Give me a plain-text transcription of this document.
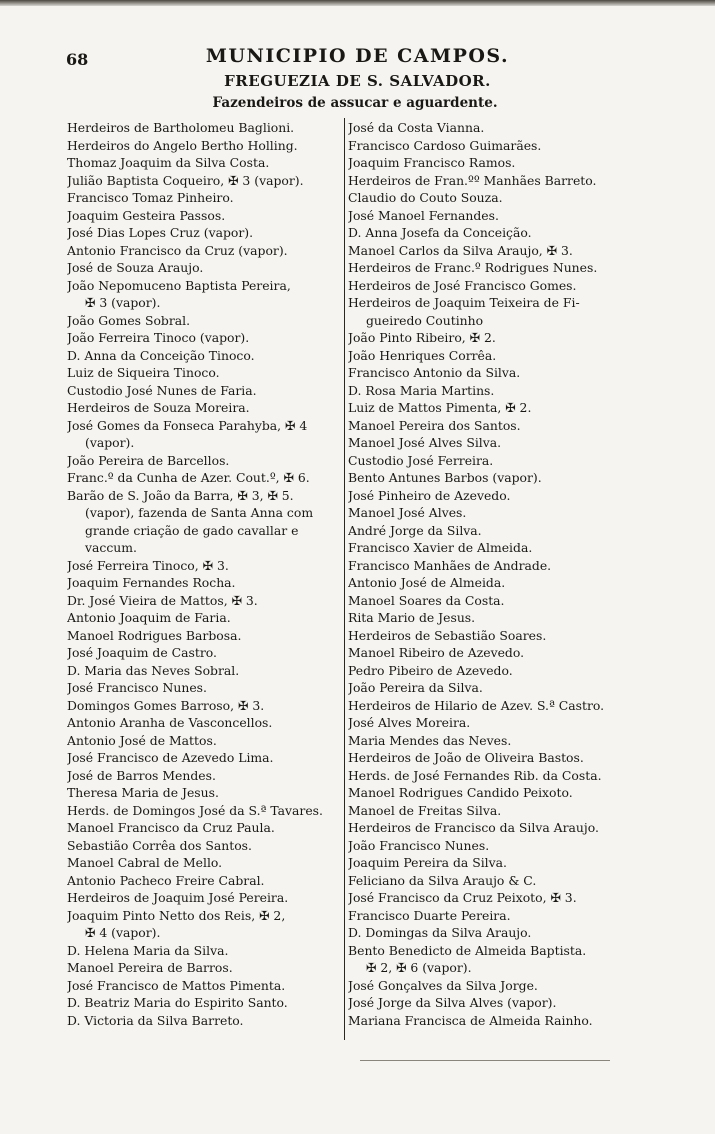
68	MUNICIPIO DE CAMPOS.
FREGUEZIA DE S. SALVADOR.
Fazendeiros de assucar e aguardente.
Herdeiros de Bartholomeu Baglioni.
Herdeiros do Angelo Bertho Holling.
Thomaz Joaquim da Silva Costa.
Julião Baptista Coqueiro, ✠ 3 (vapor).
Francisco Tomaz Pinheiro.
Joaquim Gesteira Passos.
José Dias Lopes Cruz (vapor).
Antonio Francisco da Cruz (vapor).
José de Souza Araujo.
João Nepomuceno Baptista Pereira,
✠ 3 (vapor).
João Gomes Sobral.
João Ferreira Tinoco (vapor).
D. Anna da Conceição Tinoco.
Luiz de Siqueira Tinoco.
Custodio José Nunes de Faria.
Herdeiros de Souza Moreira.
José Gomes da Fonseca Parahyba, ✠ 4
(vapor).
João Pereira de Barcellos.
Franc.º da Cunha de Azer. Cout.º, ✠ 6.
Barão de S. João da Barra, ✠ 3, ✠ 5.
(vapor), fazenda de Santa Anna com
grande criação de gado cavallar e
vaccum.
José Ferreira Tinoco, ✠ 3.
Joaquim Fernandes Rocha.
Dr. José Vieira de Mattos, ✠ 3.
Antonio Joaquim de Faria.
Manoel Rodrigues Barbosa.
José Joaquim de Castro.
D. Maria das Neves Sobral.
José Francisco Nunes.
Domingos Gomes Barroso, ✠ 3.
Antonio Aranha de Vasconcellos.
Antonio José de Mattos.
José Francisco de Azevedo Lima.
José de Barros Mendes.
Theresa Maria de Jesus.
Herds. de Domingos José da S.ª Tavares.
Manoel Francisco da Cruz Paula.
Sebastião Corrêa dos Santos.
Manoel Cabral de Mello.
Antonio Pacheco Freire Cabral.
Herdeiros de Joaquim José Pereira.
Joaquim Pinto Netto dos Reis, ✠ 2,
✠ 4 (vapor).
D. Helena Maria da Silva.
Manoel Pereira de Barros.
José Francisco de Mattos Pimenta.
D. Beatriz Maria do Espirito Santo.
D. Victoria da Silva Barreto.
José da Costa Vianna.
Francisco Cardoso Guimarães.
Joaquim Francisco Ramos.
Herdeiros de Fran.ºº Manhães Barreto.
Claudio do Couto Souza.
José Manoel Fernandes.
D. Anna Josefa da Conceição.
Manoel Carlos da Silva Araujo, ✠ 3.
Herdeiros de Franc.º Rodrigues Nunes.
Herdeiros de José Francisco Gomes.
Herdeiros de Joaquim Teixeira de Fi-
gueiredo Coutinho
João Pinto Ribeiro, ✠ 2.
João Henriques Corrêa.
Francisco Antonio da Silva.
D. Rosa Maria Martins.
Luiz de Mattos Pimenta, ✠ 2.
Manoel Pereira dos Santos.
Manoel José Alves Silva.
Custodio José Ferreira.
Bento Antunes Barbos (vapor).
José Pinheiro de Azevedo.
Manoel José Alves.
André Jorge da Silva.
Francisco Xavier de Almeida.
Francisco Manhães de Andrade.
Antonio José de Almeida.
Manoel Soares da Costa.
Rita Mario de Jesus.
Herdeiros de Sebastião Soares.
Manoel Ribeiro de Azevedo.
Pedro Pibeiro de Azevedo.
João Pereira da Silva.
Herdeiros de Hilario de Azev. S.ª Castro.
José Alves Moreira.
Maria Mendes das Neves.
Herdeiros de João de Oliveira Bastos.
Herds. de José Fernandes Rib. da Costa.
Manoel Rodrigues Candido Peixoto.
Manoel de Freitas Silva.
Herdeiros de Francisco da Silva Araujo.
João Francisco Nunes.
Joaquim Pereira da Silva.
Feliciano da Silva Araujo & C.
José Francisco da Cruz Peixoto, ✠ 3.
Francisco Duarte Pereira.
D. Domingas da Silva Araujo.
Bento Benedicto de Almeida Baptista.
✠ 2, ✠ 6 (vapor).
José Gonçalves da Silva Jorge.
José Jorge da Silva Alves (vapor).
Mariana Francisca de Almeida Rainho.
